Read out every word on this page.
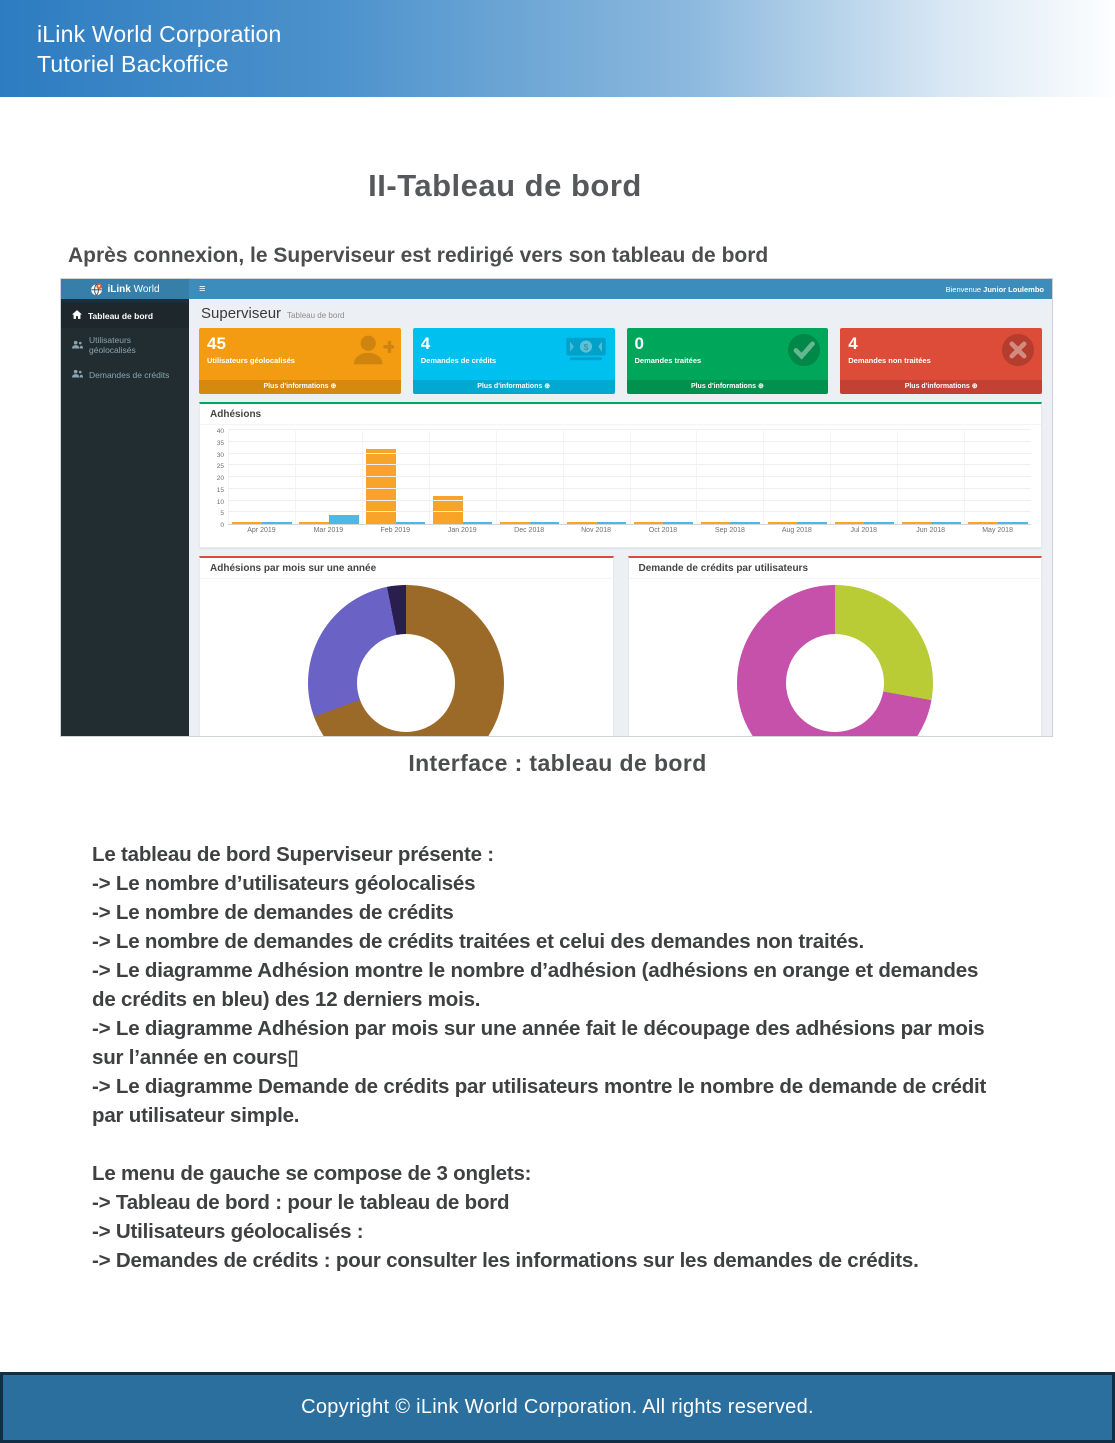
iLink World Corporation
Tutoriel Backoffice
II-Tableau de bord

Après connexion, le Superviseur est redirigé vers son tableau de bord

iLink World	≡	Bienvenue Junior Loulembo
Tableau de bord
Utilisateurs géolocalisés
Demandes de crédits
Superviseur Tableau de bord
45
Utilisateurs géolocalisés
Plus d'informations ⊕
4
Demandes de crédits
$
Plus d'informations ⊕
0
Demandes traitées
Plus d'informations ⊕
4
Demandes non traitées
Plus d'informations ⊕
Adhésions
0
5
10
15
20
25
30
35
40
Apr 2019	Mar 2019	Feb 2019	Jan 2019	Dec 2018	Nov 2018	Oct 2018	Sep 2018	Aug 2018	Jul 2018	Jun 2018	May 2018
Adhésions par mois sur une année	Demande de crédits par utilisateurs
Interface : tableau de bord
Le tableau de bord Superviseur présente :
-> Le nombre d’utilisateurs géolocalisés
-> Le nombre de demandes de crédits
-> Le nombre de demandes de crédits traitées et celui des demandes non traités.
-> Le diagramme Adhésion montre le nombre d’adhésion (adhésions en orange et demandes
de crédits en bleu) des 12 derniers mois.
-> Le diagramme Adhésion par mois sur une année fait le découpage des adhésions par mois
sur l’année en cours▯
-> Le diagramme Demande de crédits par utilisateurs montre le nombre de demande de crédit
par utilisateur simple.

Le menu de gauche se compose de 3 onglets:
-> Tableau de bord : pour le tableau de bord
-> Utilisateurs géolocalisés :
-> Demandes de crédits : pour consulter les informations sur les demandes de crédits.
Copyright © iLink World Corporation. All rights reserved.
